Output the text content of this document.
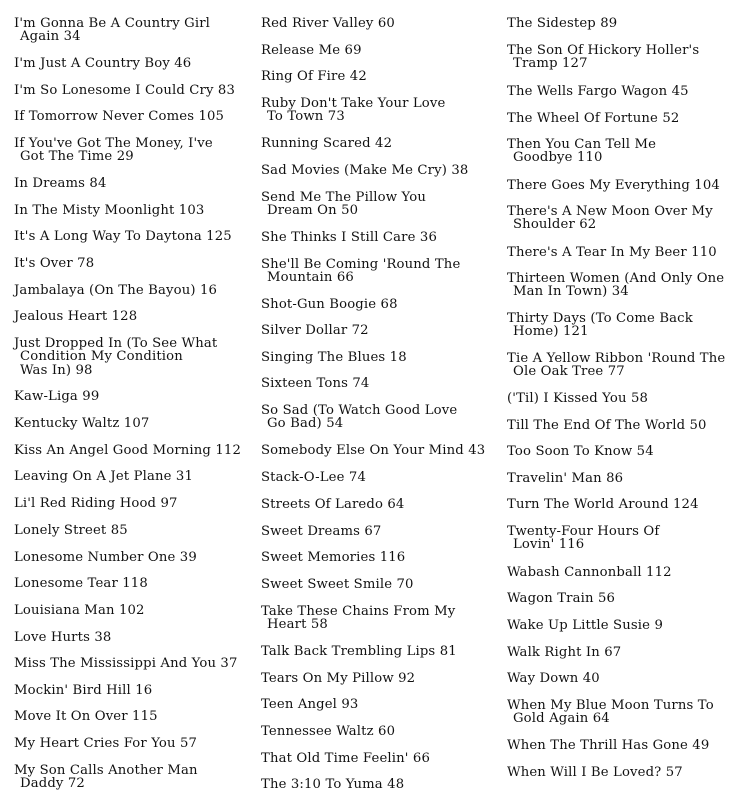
I'm Gonna Be A Country Girl

Again 34
I'm Just A Country Boy 46
I'm So Lonesome I Could Cry 83
If Tomorrow Never Comes 105
If You've Got The Money, I've

Got The Time 29
In Dreams 84
In The Misty Moonlight 103
It's A Long Way To Daytona 125
It's Over 78
Jambalaya (On The Bayou) 16
Jealous Heart 128
Just Dropped In (To See What

Condition My Condition
Was In) 98
Kaw-Liga 99
Kentucky Waltz 107
Kiss An Angel Good Morning 112
Leaving On A Jet Plane 31
Li'l Red Riding Hood 97
Lonely Street 85
Lonesome Number One 39
Lonesome Tear 118
Louisiana Man 102
Love Hurts 38
Miss The Mississippi And You 37
Mockin' Bird Hill 16
Move It On Over 115
My Heart Cries For You 57
My Son Calls Another Man

Daddy 72
Red River Valley 60
Release Me 69
Ring Of Fire 42
Ruby Don't Take Your Love

To Town 73
Running Scared 42
Sad Movies (Make Me Cry) 38
Send Me The Pillow You

Dream On 50
She Thinks I Still Care 36
She'll Be Coming 'Round The

Mountain 66
Shot-Gun Boogie 68
Silver Dollar 72
Singing The Blues 18
Sixteen Tons 74
So Sad (To Watch Good Love

Go Bad) 54
Somebody Else On Your Mind 43
Stack-O-Lee 74
Streets Of Laredo 64
Sweet Dreams 67
Sweet Memories 116
Sweet Sweet Smile 70
Take These Chains From My

Heart 58
Talk Back Trembling Lips 81
Tears On My Pillow 92
Teen Angel 93
Tennessee Waltz 60
That Old Time Feelin' 66
The 3:10 To Yuma 48
The Sidestep 89
The Son Of Hickory Holler's

Tramp 127
The Wells Fargo Wagon 45
The Wheel Of Fortune 52
Then You Can Tell Me

Goodbye 110
There Goes My Everything 104
There's A New Moon Over My

Shoulder 62
There's A Tear In My Beer 110
Thirteen Women (And Only One

Man In Town) 34
Thirty Days (To Come Back

Home) 121
Tie A Yellow Ribbon 'Round The

Ole Oak Tree 77
('Til) I Kissed You 58
Till The End Of The World 50
Too Soon To Know 54
Travelin' Man 86
Turn The World Around 124
Twenty-Four Hours Of

Lovin' 116
Wabash Cannonball 112
Wagon Train 56
Wake Up Little Susie 9
Walk Right In 67
Way Down 40
When My Blue Moon Turns To

Gold Again 64
When The Thrill Has Gone 49
When Will I Be Loved? 57
